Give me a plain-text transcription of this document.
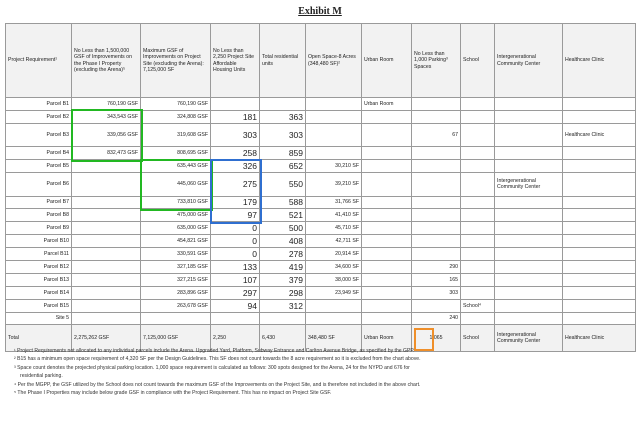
Exhibit M
Project Requirement¹	No Less than 1,500,000 GSF of Improvements on the Phase I Property (excluding the Arena)⁵	Maximum GSF of Improvements on Project Site (excluding the Arena): 7,125,000 SF	No Less than 2,250 Project Site Affordable Housing Units	Total residential units	Open Space-8 Acres (348,480 SF)²	Urban Room	No Less than 1,000 Parking³ Spaces	School	Intergenerational Community Center	Healthcare Clinic
Parcel B1	760,190 GSF	760,190 GSF				Urban Room				
Parcel B2	343,543 GSF	324,808 GSF	181	363						
Parcel B3	339,056 GSF	319,608 GSF	303	303			67			Healthcare Clinic
Parcel B4	832,473 GSF	808,695 GSF	258	859						
Parcel B5		635,443 GSF	326	652	30,210 SF					
Parcel B6		445,060 GSF	275	550	39,210 SF				Intergenerational Community Center	
Parcel B7		733,810 GSF	179	588	31,766 SF					
Parcel B8		475,000 GSF	97	521	41,410 SF					
Parcel B9		635,000 GSF	0	500	45,710 SF					
Parcel B10		454,821 GSF	0	408	42,711 SF					
Parcel B11		330,591 GSF	0	278	20,914 SF					
Parcel B12		327,185 GSF	133	419	34,600 SF		290			
Parcel B13		327,215 GSF	107	379	38,000 SF		165			
Parcel B14		283,896 GSF	297	298	23,949 SF		303			
Parcel B15		263,678 GSF	94	312				School⁴		
Site 5							240			
Total	2,275,262 GSF	7,125,000 GSF	2,250	6,430	348,480 SF	Urban Room	1,065	School	Intergenerational Community Center	Healthcare Clinic
¹ Project Requirements not allocated to any individual parcels include the Arena. Upgraded Yard, Platform, Subway Entrance and Carlton Avenue Bridge, as specified by the GPP.
² B15 has a minimum open space requirement of 4,320 SF per the Design Guidelines. This SF does not count towards the 8 acre requirement so it is excluded from the chart above.
³ Space count denotes the projected physical parking location. 1,000 space requirement is calculated as follows: 300 spots designed for the Arena, 24 for the NYPD and 676 for
residential parking.
⁴ Per the MGPP, the GSF utilized by the School does not count towards the maximum GSF of the Improvements on the Project Site, and is therefore not included in the above chart.
⁵ The Phase I Properties may include below grade GSF in compliance with the Project Requirement. This has no impact on Project Site GSF.
